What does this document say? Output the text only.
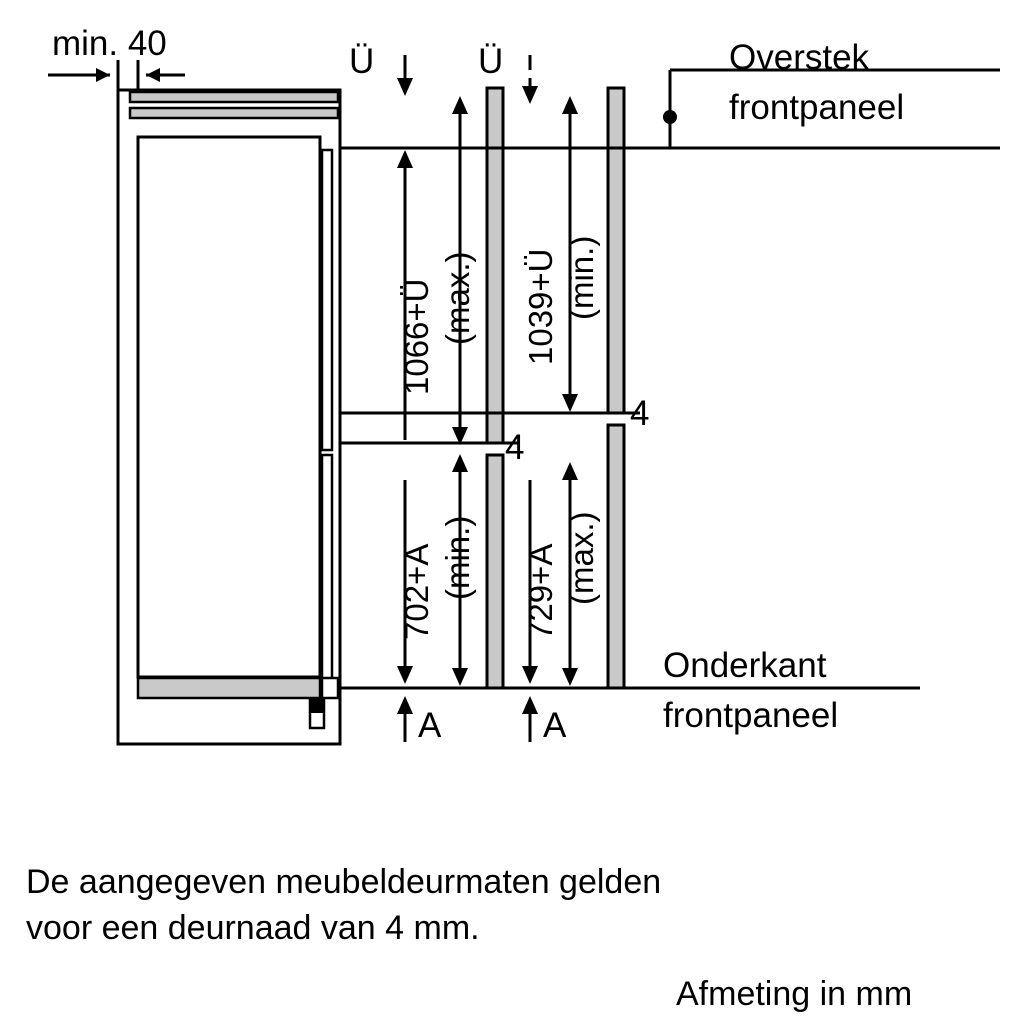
min. 40	Ü	Ü	Overstek
frontpaneel
1066+Ü (max.) 1039+Ü (min.)
702+A (min.) 729+A (max.)
4
4
A	A
Onderkant
frontpaneel
De aangegeven meubeldeurmaten gelden
voor een deurnaad van 4 mm.
Afmeting in mm
